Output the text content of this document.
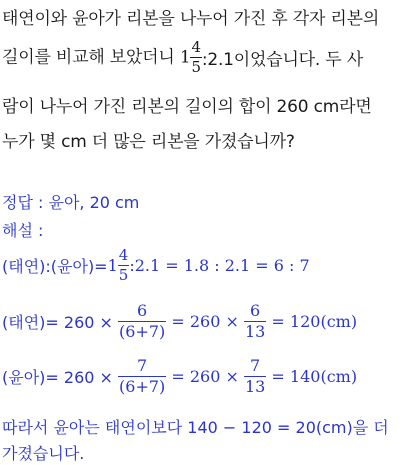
태연이와 윤아가 리본을 나누어 가진 후 각자 리본의
길이를 비교해 보았더니 $1 \frac{4}{5}$ :2.1이었습니다. 두 사
람이 나누어 가진 리본의 길이의 합이 260 cm라면
누가 몇 cm 더 많은 리본을 가졌습니까?
정답 : 윤아, 20 cm
해설 :
(태연):(윤아)$=1 \frac{4}{5}$ :2.1 = 1.8 : 2.1 = 6 : 7
(태연)= $260 \times \frac{6}{(6+7)} = 260 \times \frac{6}{13} = 120(cm)$
(윤아)= $260 \times \frac{7}{(6+7)} = 260 \times \frac{7}{13} = 140(cm)$
따라서 윤아는 태연이보다 140 − 120 = 20(cm)을 더
가졌습니다.
